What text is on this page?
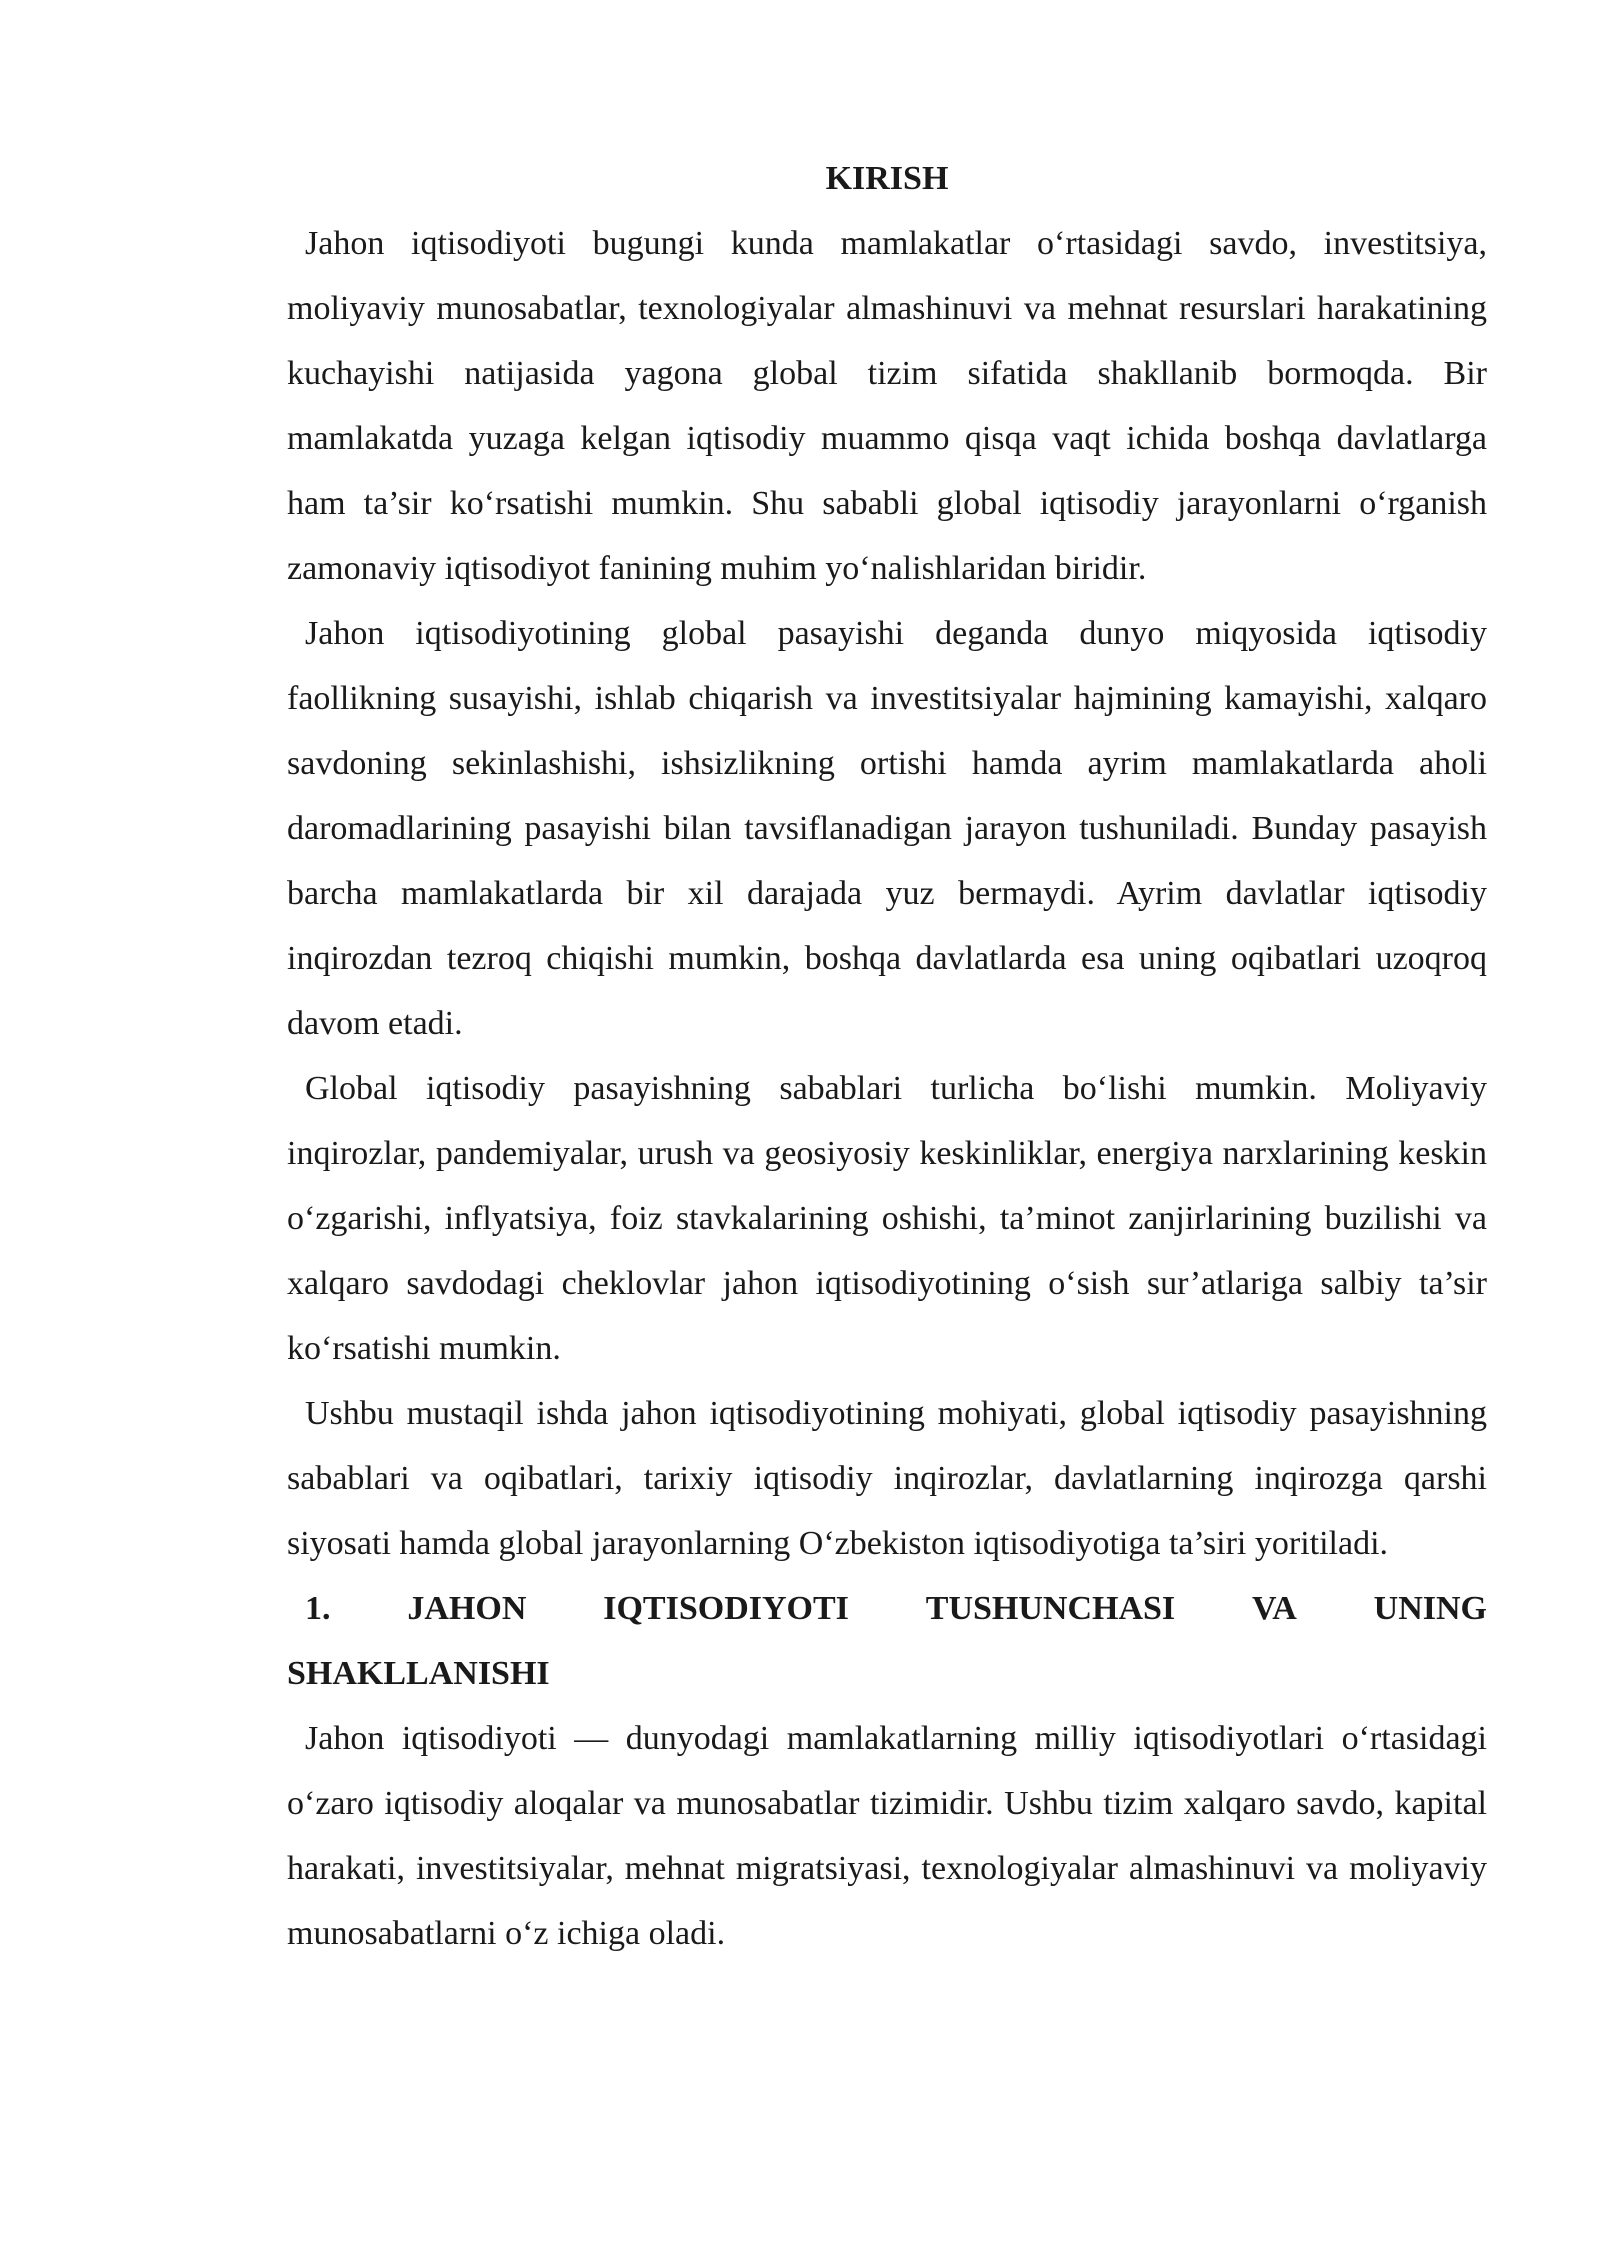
KIRISH

Jahon iqtisodiyoti bugungi kunda mamlakatlar o‘rtasidagi savdo, investitsiya, moliyaviy munosabatlar, texnologiyalar almashinuvi va mehnat resurslari harakatining kuchayishi natijasida yagona global tizim sifatida shakllanib bormoqda. Bir mamlakatda yuzaga kelgan iqtisodiy muammo qisqa vaqt ichida boshqa davlatlarga ham ta’sir ko‘rsatishi mumkin. Shu sababli global iqtisodiy jarayonlarni o‘rganish zamonaviy iqtisodiyot fanining muhim yo‘nalishlaridan biridir.

Jahon iqtisodiyotining global pasayishi deganda dunyo miqyosida iqtisodiy faollikning susayishi, ishlab chiqarish va investitsiyalar hajmining kamayishi, xalqaro savdoning sekinlashishi, ishsizlikning ortishi hamda ayrim mamlakatlarda aholi daromadlarining pasayishi bilan tavsiflanadigan jarayon tushuniladi. Bunday pasayish barcha mamlakatlarda bir xil darajada yuz bermaydi. Ayrim davlatlar iqtisodiy inqirozdan tezroq chiqishi mumkin, boshqa davlatlarda esa uning oqibatlari uzoqroq davom etadi.

Global iqtisodiy pasayishning sabablari turlicha bo‘lishi mumkin. Moliyaviy inqirozlar, pandemiyalar, urush va geosiyosiy keskinliklar, energiya narxlarining keskin o‘zgarishi, inflyatsiya, foiz stavkalarining oshishi, ta’minot zanjirlarining buzilishi va xalqaro savdodagi cheklovlar jahon iqtisodiyotining o‘sish sur’atlariga salbiy ta’sir ko‘rsatishi mumkin.

Ushbu mustaqil ishda jahon iqtisodiyotining mohiyati, global iqtisodiy pasayishning sabablari va oqibatlari, tarixiy iqtisodiy inqirozlar, davlatlarning inqirozga qarshi siyosati hamda global jarayonlarning O‘zbekiston iqtisodiyotiga ta’siri yoritiladi.

1. JAHON IQTISODIYOTI TUSHUNCHASI VA UNING
SHAKLLANISHI

Jahon iqtisodiyoti — dunyodagi mamlakatlarning milliy iqtisodiyotlari o‘rtasidagi o‘zaro iqtisodiy aloqalar va munosabatlar tizimidir. Ushbu tizim xalqaro savdo, kapital harakati, investitsiyalar, mehnat migratsiyasi, texnologiyalar almashinuvi va moliyaviy munosabatlarni o‘z ichiga oladi.
